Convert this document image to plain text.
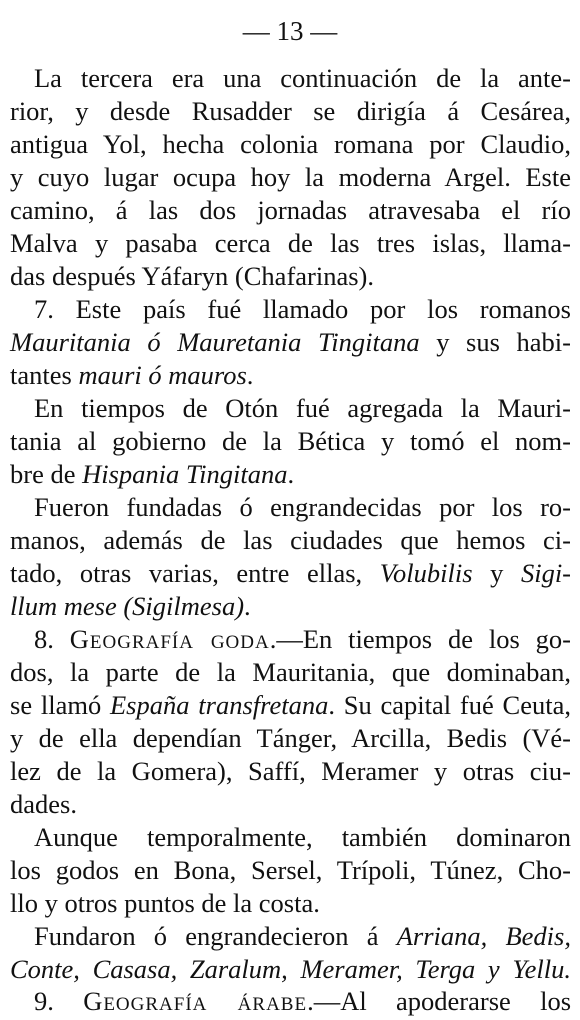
— 13 —
La tercera era una continuación de la ante-
rior, y desde Rusadder se dirigía á Cesárea,
antigua Yol, hecha colonia romana por Claudio,
y cuyo lugar ocupa hoy la moderna Argel. Este
camino, á las dos jornadas atravesaba el río
Malva y pasaba cerca de las tres islas, llama-
das después Yáfaryn (Chafarinas).
7. Este país fué llamado por los romanos
Mauritania ó Mauretania Tingitana y sus habi-
tantes mauri ó mauros.
En tiempos de Otón fué agregada la Mauri-
tania al gobierno de la Bética y tomó el nom-
bre de Hispania Tingitana.
Fueron fundadas ó engrandecidas por los ro-
manos, además de las ciudades que hemos ci-
tado, otras varias, entre ellas, Volubilis y Sigi-
llum mese (Sigilmesa).
8. Geografía goda.—En tiempos de los go-
dos, la parte de la Mauritania, que dominaban,
se llamó España transfretana. Su capital fué Ceuta,
y de ella dependían Tánger, Arcilla, Bedis (Vé-
lez de la Gomera), Saffí, Meramer y otras ciu-
dades.
Aunque temporalmente, también dominaron
los godos en Bona, Sersel, Trípoli, Túnez, Cho-
llo y otros puntos de la costa.
Fundaron ó engrandecieron á Arriana, Bedis,
Conte, Casasa, Zaralum, Meramer, Terga y Yellu.
9. Geografía árabe.—Al apoderarse los
